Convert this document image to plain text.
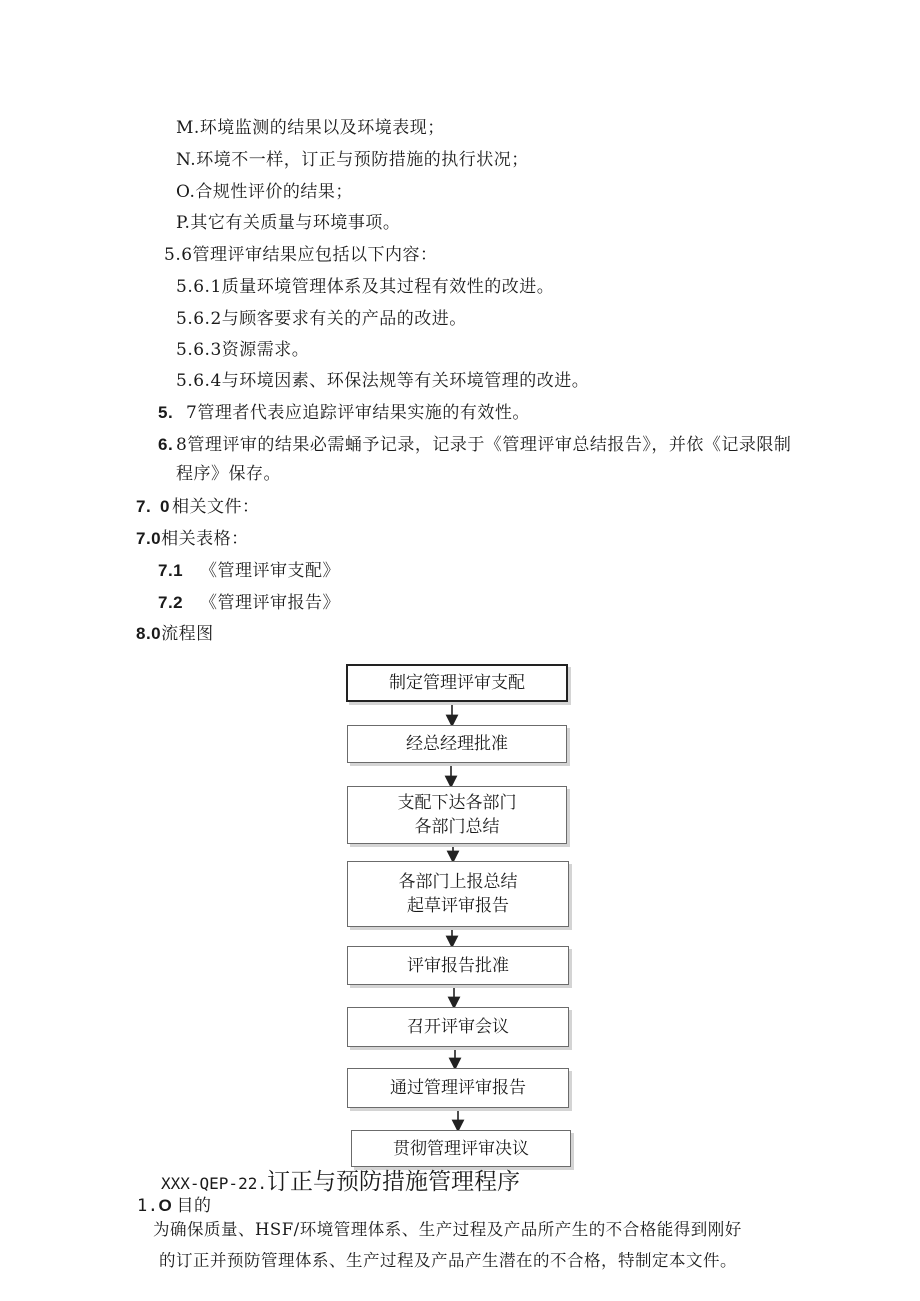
M.环境监测的结果以及环境表现；
N.环境不一样，订正与预防措施的执行状况；
O.合规性评价的结果；
P.其它有关质量与环境事项。
5.6管理评审结果应包括以下内容：
5.6.1质量环境管理体系及其过程有效性的改进。
5.6.2与顾客要求有关的产品的改进。
5.6.3资源需求。
5.6.4与环境因素、环保法规等有关环境管理的改进。
5. 7管理者代表应追踪评审结果实施的有效性。
6. 8管理评审的结果必需蛹予记录，记录于《管理评审总结报告》，并依《记录限制
程序》保存。
7. 0 相关文件：
7.0相关表格：
7.1 《管理评审支配》
7.2 《管理评审报告》
8.0流程图
制定管理评审支配
经总经理批准
支配下达各部门
各部门总结
各部门上报总结
起草评审报告
评审报告批准
召开评审会议
通过管理评审报告
贯彻管理评审决议
XXX-QEP-22.订正与预防措施管理程序
1.O 目的
为确保质量、HSF/环境管理体系、生产过程及产品所产生的不合格能得到刚好
的订正并预防管理体系、生产过程及产品产生潜在的不合格，特制定本文件。
